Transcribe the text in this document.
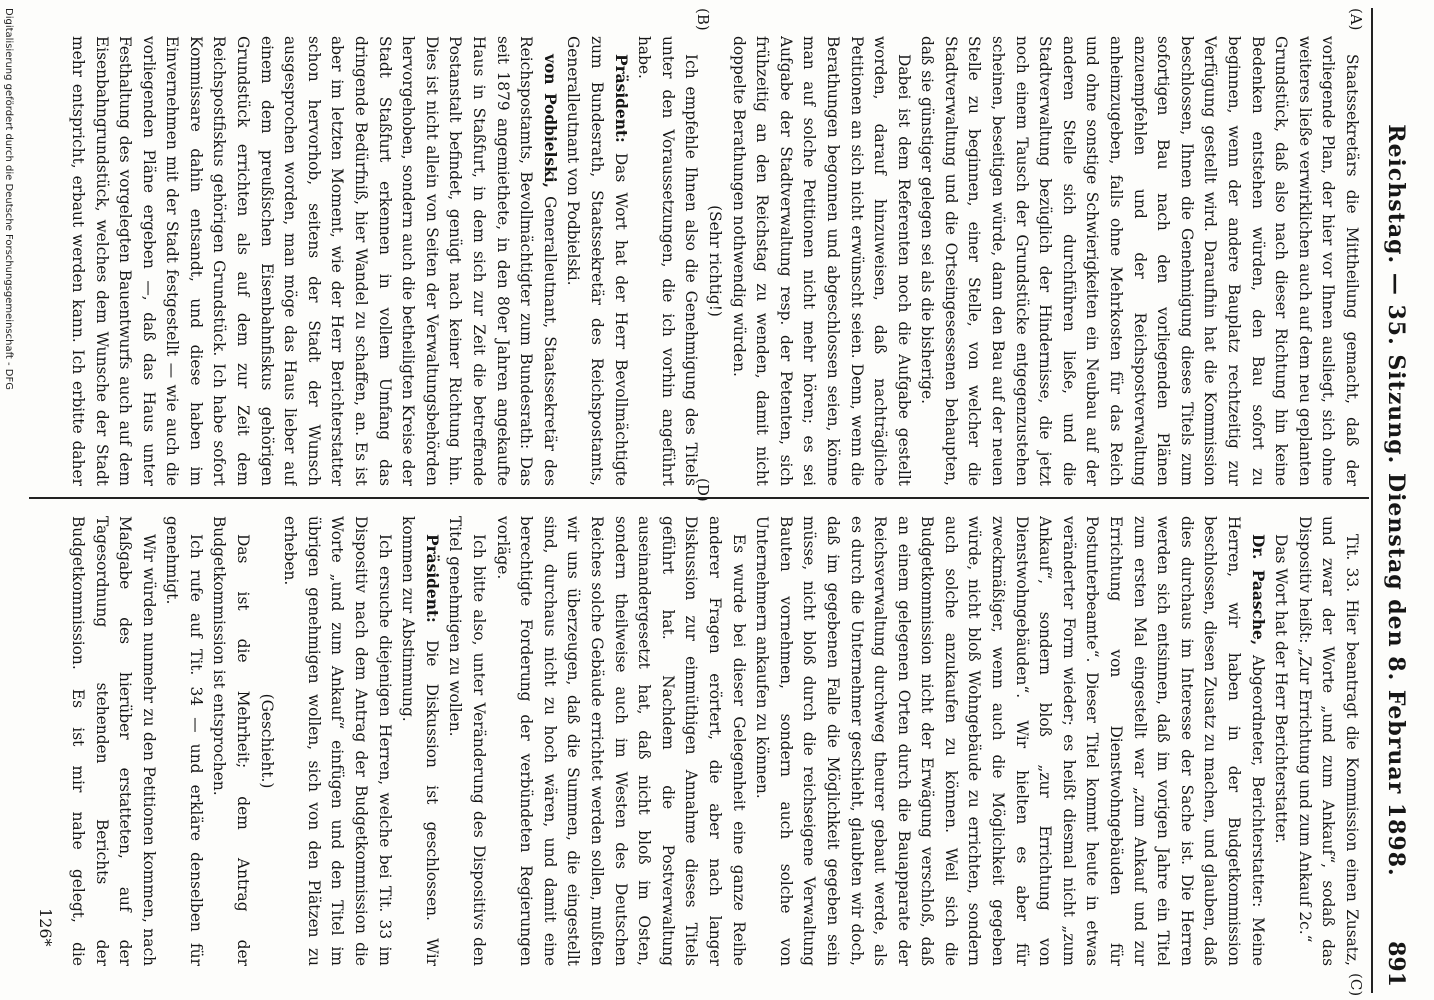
Reichstag. — 35. Sitzung. Dienstag den 8. Februar 1898.
891
(A)
(B)
(C)
(D)

Staatssekretärs die Mittheilung gemacht, daß der vorliegende Plan, der hier vor Ihnen ausliegt, sich ohne weiteres ließe verwirklichen auch auf dem neu geplanten Grundstück, daß also nach dieser Richtung hin keine Bedenken entstehen würden, den Bau sofort zu beginnen, wenn der andere Bauplatz rechtzeitig zur Verfügung gestellt wird. Daraufhin hat die Kommission beschlossen, Ihnen die Genehmigung dieses Titels zum sofortigen Bau nach den vorliegenden Plänen anzuempfehlen und der Reichspostverwaltung anheimzugeben, falls ohne Mehrkosten für das Reich und ohne sonstige Schwierigkeiten ein Neubau auf der anderen Stelle sich durchführen ließe, und die Stadtverwaltung bezüglich der Hindernisse, die jetzt noch einem Tausch der Grundstücke entgegenzustehen scheinen, beseitigen würde, dann den Bau auf der neuen Stelle zu beginnen, einer Stelle, von welcher die Stadtverwaltung und die Ortseingesessenen behaupten, daß sie günstiger gelegen sei als die bisherige.

Dabei ist dem Referenten noch die Aufgabe gestellt worden, darauf hinzuweisen, daß nachträgliche Petitionen an sich nicht erwünscht seien. Denn, wenn die Berathungen begonnen und abgeschlossen seien, könne man auf solche Petitionen nicht mehr hören; es sei Aufgabe der Stadtverwaltung resp. der Petenten, sich frühzeitig an den Reichstag zu wenden, damit nicht doppelte Berathungen nothwendig würden.

(Sehr richtig!)

Ich empfehle Ihnen also die Genehmigung des Titels unter den Voraussetzungen, die ich vorhin angeführt habe.

Präsident: Das Wort hat der Herr Bevollmächtigte zum Bundesrath, Staatssekretär des Reichspostamts, Generalleutnant von Podbielski.

von Podbielski, Generalleutnant, Staatssekretär des Reichspostamts, Bevollmächtigter zum Bundesrath: Das seit 1879 angemiethete, in den 80er Jahren angekaufte Haus in Staßfurt, in dem sich zur Zeit die betreffende Postanstalt befindet, genügt nach keiner Richtung hin. Dies ist nicht allein von Seiten der Verwaltungsbehörden hervorgehoben, sondern auch die betheiligten Kreise der Stadt Staßfurt erkennen in vollem Umfang das dringende Bedürfniß, hier Wandel zu schaffen, an. Es ist aber im letzten Moment, wie der Herr Berichterstatter schon hervorhob, seitens der Stadt der Wunsch ausgesprochen worden, man möge das Haus lieber auf einem dem preußischen Eisenbahnfiskus gehörigen Grundstück errichten als auf dem zur Zeit dem Reichspostfiskus gehörigen Grundstück. Ich habe sofort Kommissare dahin entsandt, und diese haben im Einvernehmen mit der Stadt festgestellt — wie auch die vorliegenden Pläne ergeben —, daß das Haus unter Festhaltung des vorgelegten Bauentwurfs auch auf dem Eisenbahngrundstück, welches dem Wunsche der Stadt mehr entspricht, erbaut werden kann. Ich erbitte daher

Tit. 33. Hier beantragt die Kommission einen Zusatz, und zwar der Worte „und zum Ankauf“, sodaß das Dispositiv heißt: „Zur Errichtung und zum Ankauf 2c.“

Das Wort hat der Herr Berichterstatter.

Dr. Paasche, Abgeordneter, Berichterstatter: Meine Herren, wir haben in der Budgetkommission beschlossen, diesen Zusatz zu machen, und glauben, daß dies durchaus im Interesse der Sache ist. Die Herren werden sich entsinnen, daß im vorigen Jahre ein Titel zum ersten Mal eingestellt war „zum Ankauf und zur Errichtung von Dienstwohngebäuden für Postunterbeamte“. Dieser Titel kommt heute in etwas veränderter Form wieder; es heißt diesmal nicht „zum Ankauf“, sondern bloß „zur Errichtung von Dienstwohngebäuden“. Wir hielten es aber für zweckmäßiger, wenn auch die Möglichkeit gegeben würde, nicht bloß Wohngebäude zu errichten, sondern auch solche anzukaufen zu können. Weil sich die Budgetkommission nicht der Erwägung verschloß, daß an einem gelegenen Orten durch die Bauapparate der Reichsverwaltung durchweg theurer gebaut werde, als es durch die Unternehmer geschieht, glaubten wir doch, daß im gegebenen Falle die Möglichkeit gegeben sein müsse, nicht bloß durch die reichseigene Verwaltung Bauten vornehmen, sondern auch solche von Unternehmern ankaufen zu können.

Es wurde bei dieser Gelegenheit eine ganze Reihe anderer Fragen erörtert, die aber nach langer Diskussion zur einmüthigen Annahme dieses Titels geführt hat. Nachdem die Postverwaltung auseinandergesetzt hat, daß nicht bloß im Osten, sondern theilweise auch im Westen des Deutschen Reiches solche Gebäude errichtet werden sollen, mußten wir uns überzeugen, daß die Summen, die eingestellt sind, durchaus nicht zu hoch wären, und damit eine berechtigte Forderung der verbündeten Regierungen vorläge.

Ich bitte also, unter Veränderung des Dispositivs den Titel genehmigen zu wollen.

Präsident: Die Diskussion ist geschlossen. Wir kommen zur Abstimmung.

Ich ersuche diejenigen Herren, welche bei Tit. 33 im Dispositiv nach dem Antrag der Budgetkommission die Worte „und zum Ankauf“ einfügen und den Titel im übrigen genehmigen wollen, sich von den Plätzen zu erheben.

(Geschieht.)

Das ist die Mehrheit; dem Antrag der Budgetkommission ist entsprochen.

Ich rufe auf Tit. 34 — und erkläre denselben für genehmigt.

Wir würden nunmehr zu den Petitionen kommen, nach Maßgabe des hierüber erstatteten, auf der Tagesordnung stehenden Berichts der Budgetkommission. Es ist mir nahe gelegt, die

126*
Digitalisierung gefördert durch die Deutsche Forschungsgemeinschaft - DFG
